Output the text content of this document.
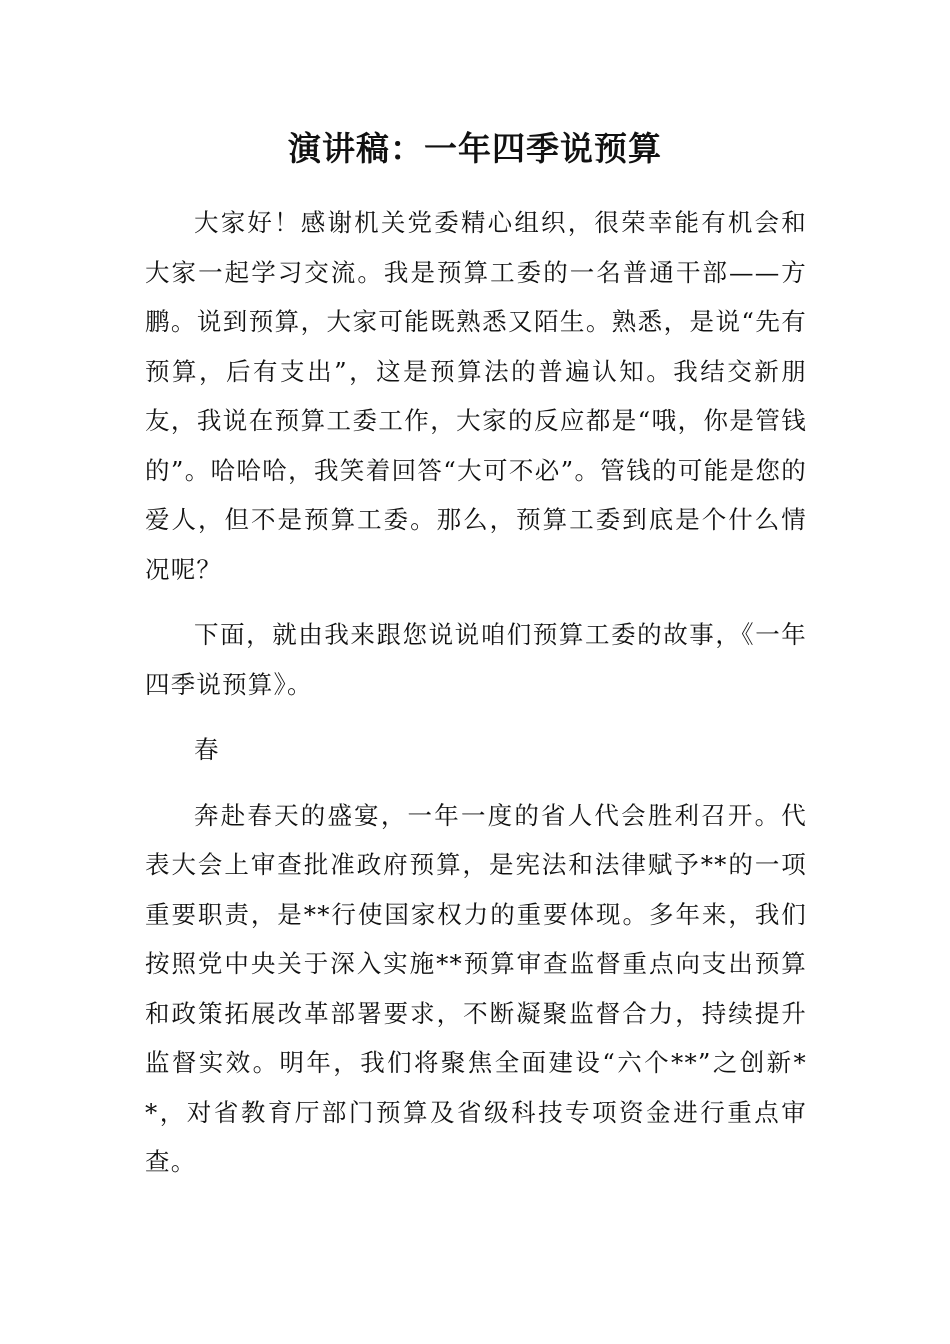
演讲稿：一年四季说预算

大家好！感谢机关党委精心组织，很荣幸能有机会和大家一起学习交流。我是预算工委的一名普通干部——方鹏。说到预算，大家可能既熟悉又陌生。熟悉，是说“先有预算，后有支出”，这是预算法的普遍认知。我结交新朋友，我说在预算工委工作，大家的反应都是“哦，你是管钱的”。哈哈哈，我笑着回答“大可不必”。管钱的可能是您的爱人，但不是预算工委。那么，预算工委到底是个什么情况呢？

下面，就由我来跟您说说咱们预算工委的故事，《一年四季说预算》。

春

奔赴春天的盛宴，一年一度的省人代会胜利召开。代表大会上审查批准政府预算，是宪法和法律赋予**的一项重要职责，是**行使国家权力的重要体现。多年来，我们按照党中央关于深入实施**预算审查监督重点向支出预算和政策拓展改革部署要求，不断凝聚监督合力，持续提升监督实效。明年，我们将聚焦全面建设“六个**”之创新**，对省教育厅部门预算及省级科技专项资金进行重点审查。
